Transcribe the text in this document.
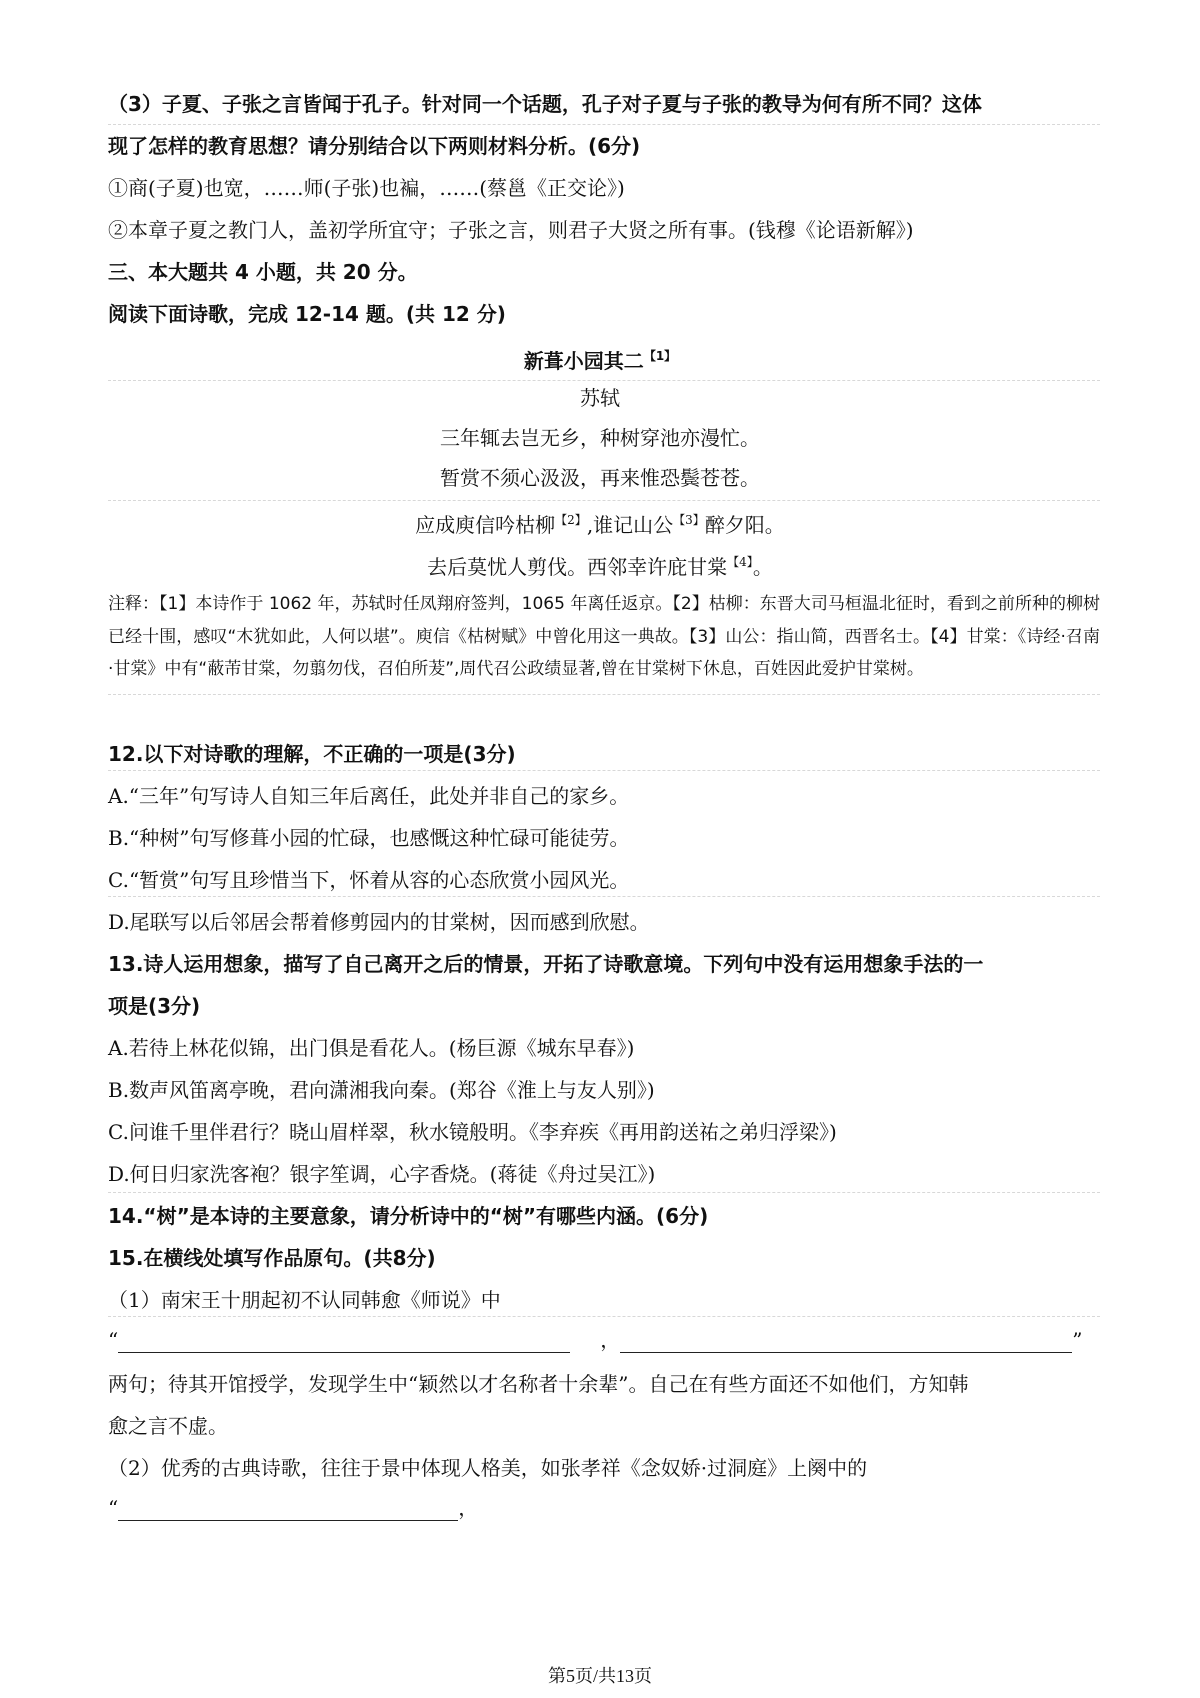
（3）子夏、子张之言皆闻于孔子。针对同一个话题，孔子对子夏与子张的教导为何有所不同？这体
现了怎样的教育思想？请分别结合以下两则材料分析。(6分)
①商(子夏)也宽，……师(子张)也褊，……(蔡邕《正交论》)
②本章子夏之教门人，盖初学所宜守；子张之言，则君子大贤之所有事。(钱穆《论语新解》)
三、本大题共 4 小题，共 20 分。
阅读下面诗歌，完成 12-14 题。(共 12 分)
新葺小园其二$^{【1】}$
苏轼
三年辄去岂无乡，种树穿池亦漫忙。
暂赏不须心汲汲，再来惟恐鬓苍苍。
应成庾信吟枯柳$^{【2】}$,谁记山公$^{【3】}$醉夕阳。
去后莫忧人剪伐。西邻幸许庇甘棠$^{【4】}$。
注释：【1】本诗作于 1062 年，苏轼时任凤翔府签判，1065 年离任返京。【2】枯柳：东晋大司马桓温北征时，看到之前所种的柳树已经十围，感叹“木犹如此，人何以堪”。庾信《枯树赋》中曾化用这一典故。【3】山公：指山简，西晋名士。【4】甘棠：《诗经·召南·甘棠》中有“蔽芾甘棠，勿翦勿伐，召伯所茇”,周代召公政绩显著,曾在甘棠树下休息，百姓因此爱护甘棠树。
12.以下对诗歌的理解，不正确的一项是(3分)
A.“三年”句写诗人自知三年后离任，此处并非自己的家乡。
B.“种树”句写修葺小园的忙碌，也感慨这种忙碌可能徒劳。
C.“暂赏”句写且珍惜当下，怀着从容的心态欣赏小园风光。
D.尾联写以后邻居会帮着修剪园内的甘棠树，因而感到欣慰。
13.诗人运用想象，描写了自己离开之后的情景，开拓了诗歌意境。下列句中没有运用想象手法的一
项是(3分)
A.若待上林花似锦，出门俱是看花人。(杨巨源《城东早春》)
B.数声风笛离亭晚，君向潇湘我向秦。(郑谷《淮上与友人别》)
C.问谁千里伴君行？晓山眉样翠，秋水镜般明。《李弃疾《再用韵送祐之弟归浮梁》)
D.何日归家洗客袍？银字笙调，心字香烧。(蒋徒《舟过吴江》)
14.“树”是本诗的主要意象，请分析诗中的“树”有哪些内涵。(6分)
15.在横线处填写作品原句。(共8分)
（1）南宋王十朋起初不认同韩愈《师说》中
“	，	”
两句；待其开馆授学，发现学生中“颖然以才名称者十余辈”。自己在有些方面还不如他们，方知韩
愈之言不虚。
（2）优秀的古典诗歌，往往于景中体现人格美，如张孝祥《念奴娇·过洞庭》上阕中的
“	，
第5页/共13页
